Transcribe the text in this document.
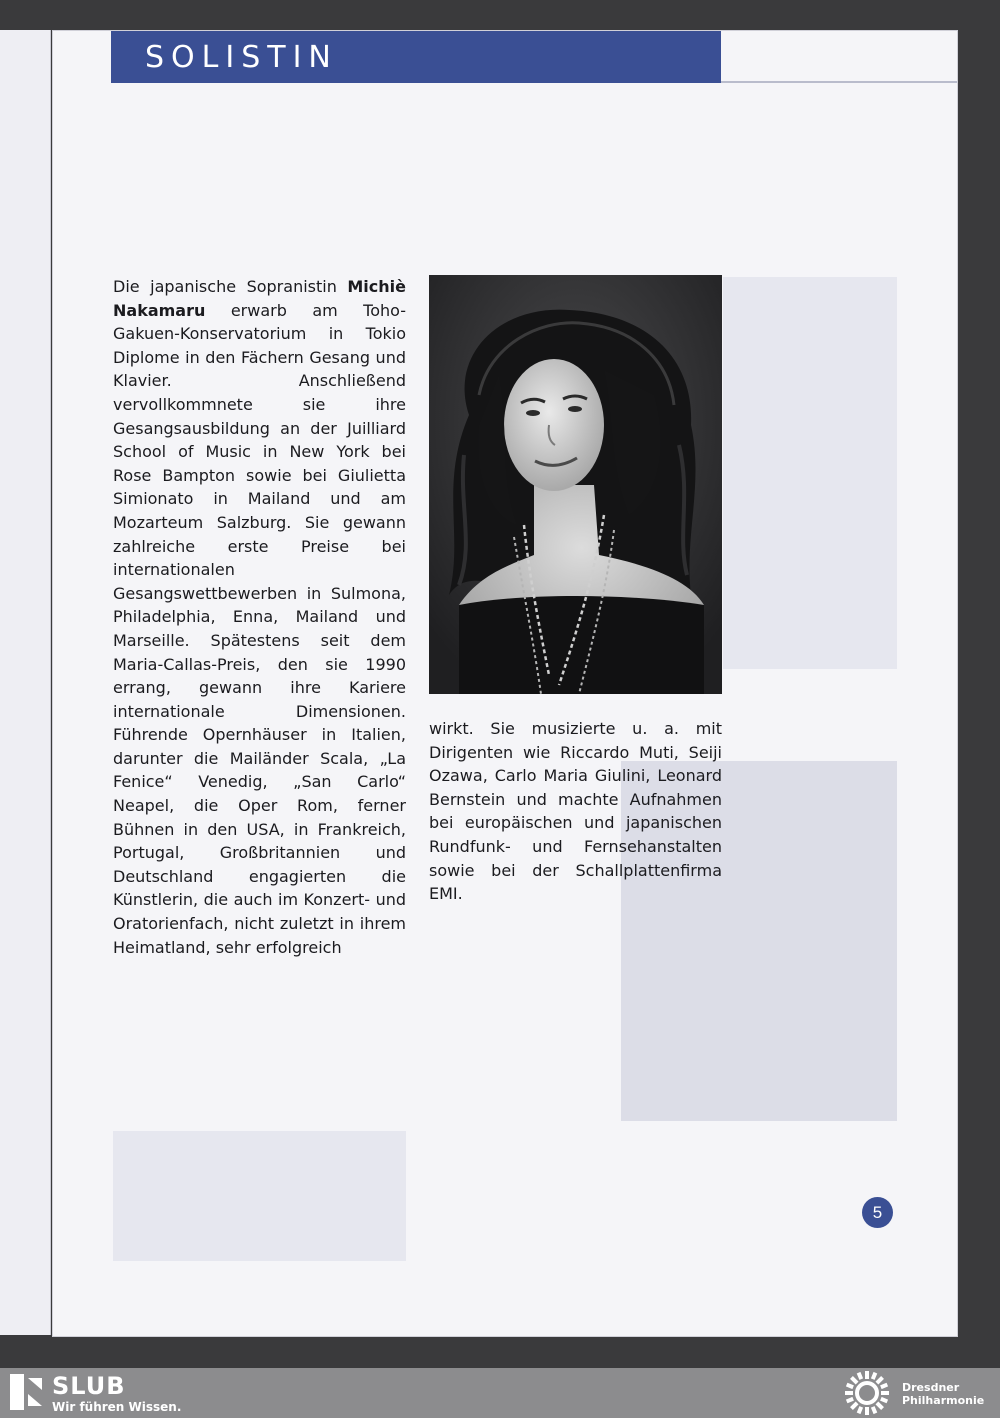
SOLISTIN
Die japanische Sopranistin Michiè Nakamaru erwarb am Toho-Gakuen-Konservatorium in Tokio Diplome in den Fächern Gesang und Klavier. Anschließend vervollkommnete sie ihre Gesangsausbildung an der Juilliard School of Music in New York bei Rose Bampton sowie bei Giulietta Simionato in Mailand und am Mozarteum Salzburg. Sie gewann zahlreiche erste Preise bei internationalen Gesangswettbewerben in Sulmona, Philadelphia, Enna, Mailand und Marseille. Spätestens seit dem Maria-Callas-Preis, den sie 1990 errang, gewann ihre Kariere internationale Dimensionen. Führende Opernhäuser in Italien, darunter die Mailänder Scala, „La Fenice“ Venedig, „San Carlo“ Neapel, die Oper Rom, ferner Bühnen in den USA, in Frankreich, Portugal, Großbritannien und Deutschland engagierten die Künstlerin, die auch im Konzert- und Oratorienfach, nicht zuletzt in ihrem Heimatland, sehr erfolgreich
wirkt. Sie musizierte u. a. mit Dirigenten wie Riccardo Muti, Seiji Ozawa, Carlo Maria Giulini, Leonard Bernstein und machte Aufnahmen bei europäischen und japanischen Rundfunk- und Fernsehanstalten sowie bei der Schallplattenfirma EMI.
5
SLUB
Wir führen Wissen.
Dresdner
Philharmonie
